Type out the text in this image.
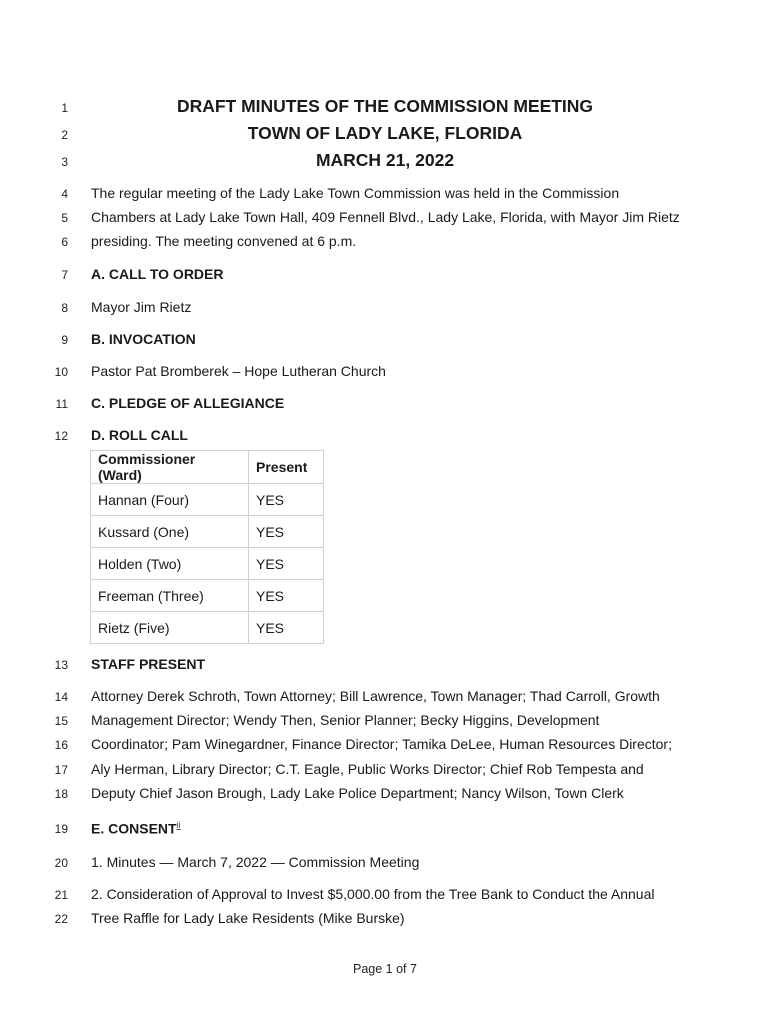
1
2
3
4
5
6
7
8
9
10
11
12
13
14
15
16
17
18
19
20
21
22
DRAFT MINUTES OF THE COMMISSION MEETING
TOWN OF LADY LAKE, FLORIDA
MARCH 21, 2022
The regular meeting of the Lady Lake Town Commission was held in the Commission
Chambers at Lady Lake Town Hall, 409 Fennell Blvd., Lady Lake, Florida, with Mayor Jim Rietz
presiding. The meeting convened at 6 p.m.
A. CALL TO ORDER
Mayor Jim Rietz
B. INVOCATION
Pastor Pat Bromberek – Hope Lutheran Church
C. PLEDGE OF ALLEGIANCE
D. ROLL CALL
Commissioner (Ward)	Present
Hannan (Four)	YES
Kussard (One)	YES
Holden (Two)	YES
Freeman (Three)	YES
Rietz (Five)	YES
STAFF PRESENT
Attorney Derek Schroth, Town Attorney; Bill Lawrence, Town Manager; Thad Carroll, Growth
Management Director; Wendy Then, Senior Planner; Becky Higgins, Development
Coordinator; Pam Winegardner, Finance Director; Tamika DeLee, Human Resources Director;
Aly Herman, Library Director; C.T. Eagle, Public Works Director; Chief Rob Tempesta and
Deputy Chief Jason Brough, Lady Lake Police Department; Nancy Wilson, Town Clerk
E. CONSENT$^{ii}$
1. Minutes — March 7, 2022 — Commission Meeting
2. Consideration of Approval to Invest $5,000.00 from the Tree Bank to Conduct the Annual
Tree Raffle for Lady Lake Residents (Mike Burske)
Page 1 of 7
